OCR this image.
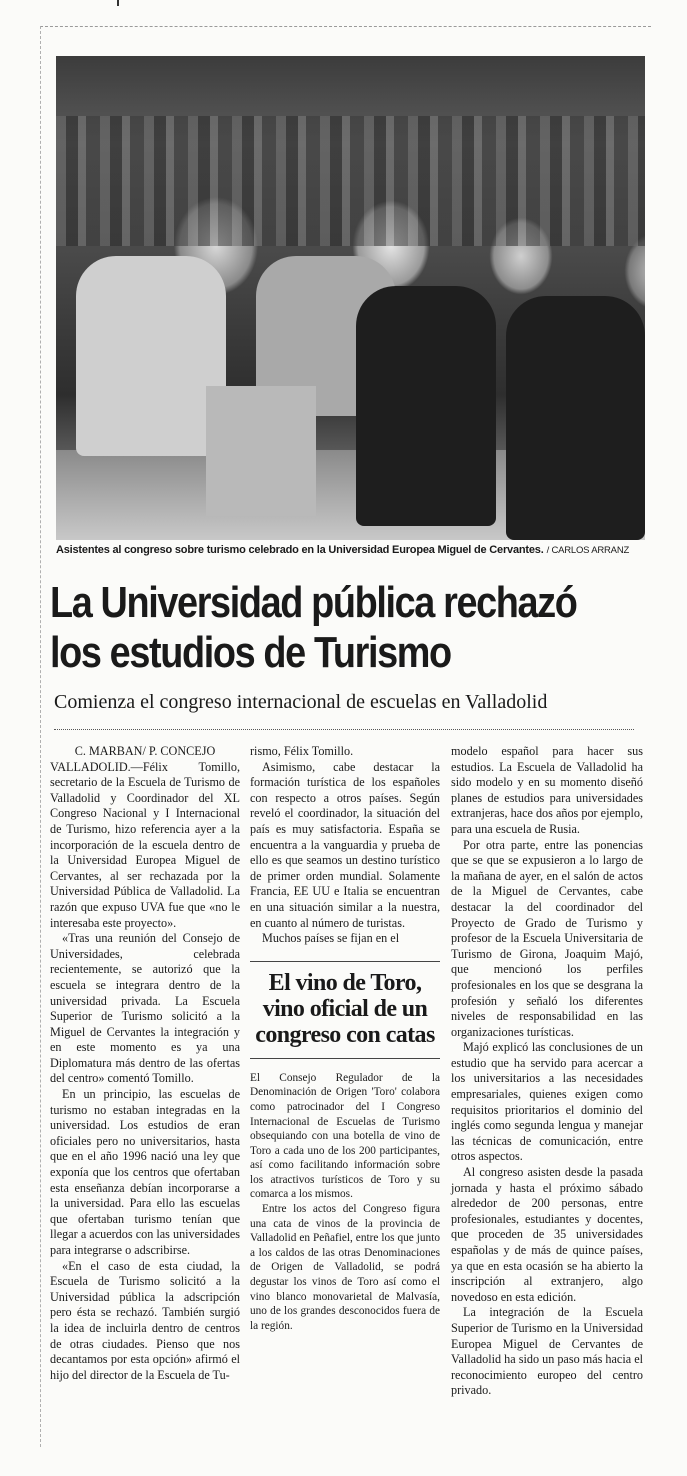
Asistentes al congreso sobre turismo celebrado en la Universidad Europea Miguel de Cervantes. / CARLOS ARRANZ
La Universidad pública rechazó
los estudios de Turismo
Comienza el congreso internacional de escuelas en Valladolid
C. MARBAN/ P. CONCEJO

VALLADOLID.—Félix Tomillo, secretario de la Escuela de Turismo de Valladolid y Coordinador del XL Congreso Nacional y I Internacional de Turismo, hizo referencia ayer a la incorporación de la escuela dentro de la Universidad Europea Miguel de Cervantes, al ser rechazada por la Universidad Pública de Valladolid. La razón que expuso UVA fue que «no le interesaba este proyecto».

«Tras una reunión del Consejo de Universidades, celebrada recientemente, se autorizó que la escuela se integrara dentro de la universidad privada. La Escuela Superior de Turismo solicitó a la Miguel de Cervantes la integración y en este momento es ya una Diplomatura más dentro de las ofertas del centro» comentó Tomillo.

En un principio, las escuelas de turismo no estaban integradas en la universidad. Los estudios de eran oficiales pero no universitarios, hasta que en el año 1996 nació una ley que exponía que los centros que ofertaban esta enseñanza debían incorporarse a la universidad. Para ello las escuelas que ofertaban turismo tenían que llegar a acuerdos con las universidades para integrarse o adscribirse.

«En el caso de esta ciudad, la Escuela de Turismo solicitó a la Universidad pública la adscripción pero ésta se rechazó. También surgió la idea de incluirla dentro de centros de otras ciudades. Pienso que nos decantamos por esta opción» afirmó el hijo del director de la Escuela de Tu-

rismo, Félix Tomillo.

Asimismo, cabe destacar la formación turística de los españoles con respecto a otros países. Según reveló el coordinador, la situación del país es muy satisfactoria. España se encuentra a la vanguardia y prueba de ello es que seamos un destino turístico de primer orden mundial. Solamente Francia, EE UU e Italia se encuentran en una situación similar a la nuestra, en cuanto al número de turistas.

Muchos países se fijan en el

El vino de Toro, vino oficial de un congreso con catas

El Consejo Regulador de la Denominación de Origen 'Toro' colabora como patrocinador del I Congreso Internacional de Escuelas de Turismo obsequiando con una botella de vino de Toro a cada uno de los 200 participantes, así como facilitando información sobre los atractivos turísticos de Toro y su comarca a los mismos.

Entre los actos del Congreso figura una cata de vinos de la provincia de Valladolid en Peñafiel, entre los que junto a los caldos de las otras Denominaciones de Origen de Valladolid, se podrá degustar los vinos de Toro así como el vino blanco monovarietal de Malvasía, uno de los grandes desconocidos fuera de la región.

modelo español para hacer sus estudios. La Escuela de Valladolid ha sido modelo y en su momento diseñó planes de estudios para universidades extranjeras, hace dos años por ejemplo, para una escuela de Rusia.

Por otra parte, entre las ponencias que se que se expusieron a lo largo de la mañana de ayer, en el salón de actos de la Miguel de Cervantes, cabe destacar la del coordinador del Proyecto de Grado de Turismo y profesor de la Escuela Universitaria de Turismo de Girona, Joaquim Majó, que mencionó los perfiles profesionales en los que se desgrana la profesión y señaló los diferentes niveles de responsabilidad en las organizaciones turísticas.

Majó explicó las conclusiones de un estudio que ha servido para acercar a los universitarios a las necesidades empresariales, quienes exigen como requisitos prioritarios el dominio del inglés como segunda lengua y manejar las técnicas de comunicación, entre otros aspectos.

Al congreso asisten desde la pasada jornada y hasta el próximo sábado alrededor de 200 personas, entre profesionales, estudiantes y docentes, que proceden de 35 universidades españolas y de más de quince países, ya que en esta ocasión se ha abierto la inscripción al extranjero, algo novedoso en esta edición.

La integración de la Escuela Superior de Turismo en la Universidad Europea Miguel de Cervantes de Valladolid ha sido un paso más hacia el reconocimiento europeo del centro privado.
